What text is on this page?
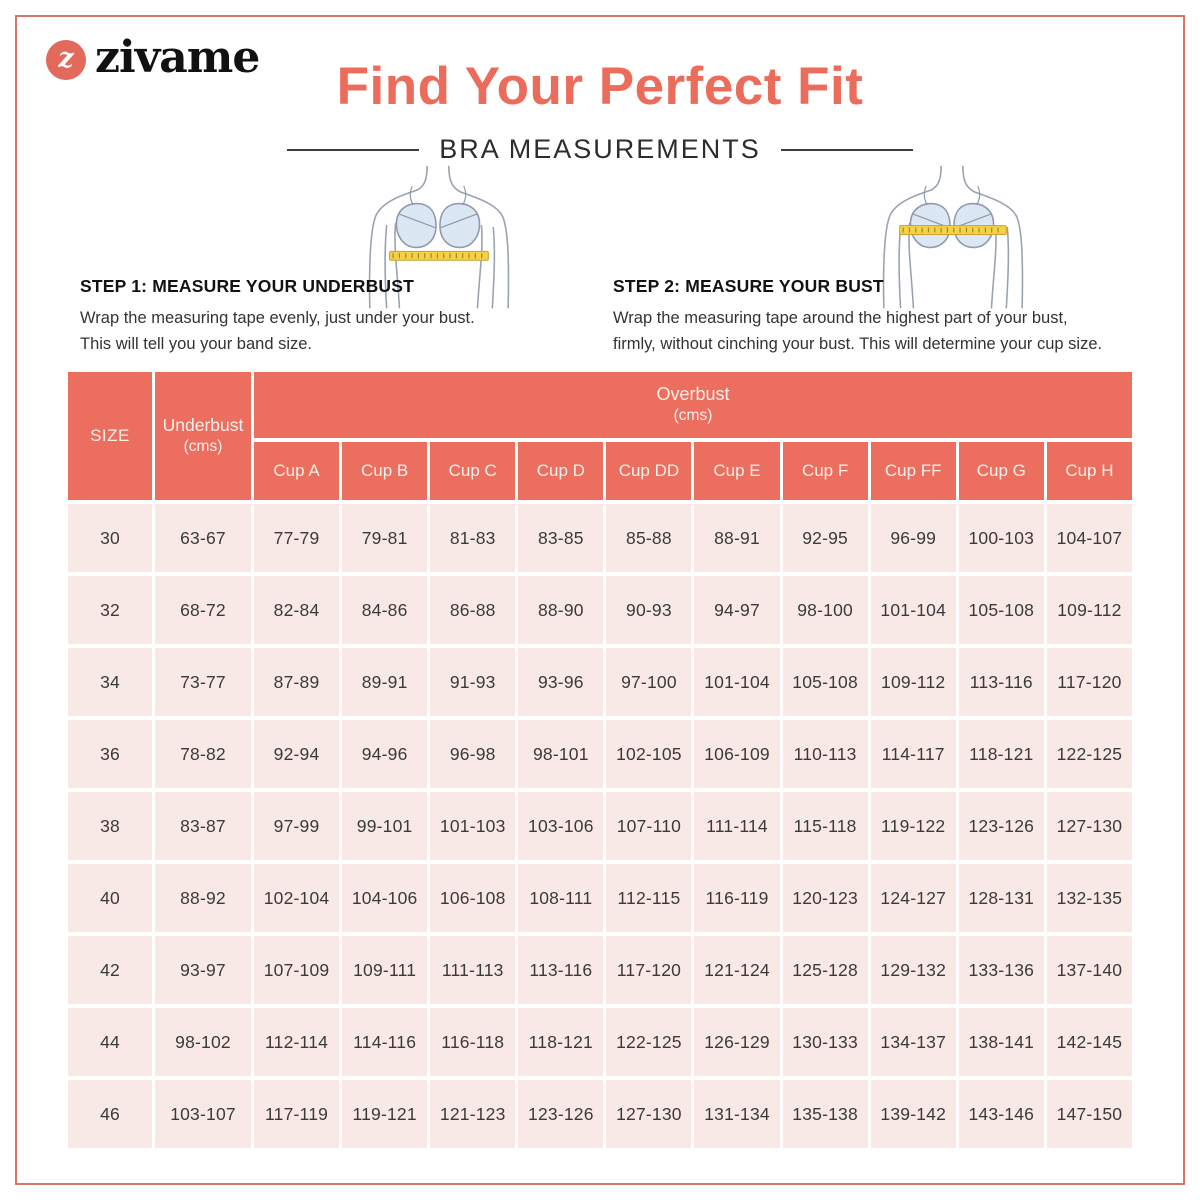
z zivame	Find Your Perfect Fit
BRA MEASUREMENTS
STEP 1: MEASURE YOUR UNDERBUST

Wrap the measuring tape evenly, just under your bust.
This will tell you your band size.

STEP 2: MEASURE YOUR BUST

Wrap the measuring tape around the highest part of your bust,
firmly, without cinching your bust. This will determine your cup size.

SIZE	
Underbust
(cms)

Overbust
(cms)

		Cup A	Cup B	Cup C	Cup D	Cup DD	Cup E	Cup F	Cup FF	Cup G	Cup H
30	63-67	77-79	79-81	81-83	83-85	85-88	88-91	92-95	96-99	100-103	104-107
32	68-72	82-84	84-86	86-88	88-90	90-93	94-97	98-100	101-104	105-108	109-112
34	73-77	87-89	89-91	91-93	93-96	97-100	101-104	105-108	109-112	113-116	117-120
36	78-82	92-94	94-96	96-98	98-101	102-105	106-109	110-113	114-117	118-121	122-125
38	83-87	97-99	99-101	101-103	103-106	107-110	111-114	115-118	119-122	123-126	127-130
40	88-92	102-104	104-106	106-108	108-111	112-115	116-119	120-123	124-127	128-131	132-135
42	93-97	107-109	109-111	111-113	113-116	117-120	121-124	125-128	129-132	133-136	137-140
44	98-102	112-114	114-116	116-118	118-121	122-125	126-129	130-133	134-137	138-141	142-145
46	103-107	117-119	119-121	121-123	123-126	127-130	131-134	135-138	139-142	143-146	147-150
